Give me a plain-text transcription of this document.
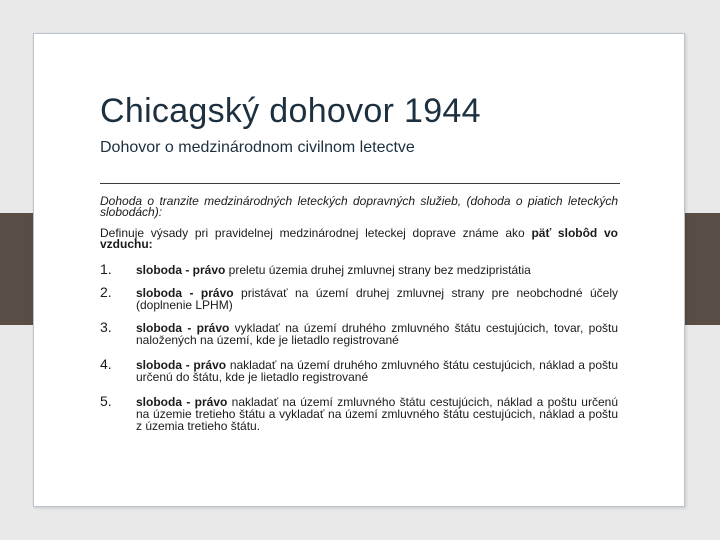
Chicagský dohovor 1944
Dohovor o medzinárodnom civilnom letectve
Dohoda o tranzite medzinárodných leteckých dopravných služieb, (dohoda o piatich leteckých slobodách):
Definuje výsady pri pravidelnej medzinárodnej leteckej doprave známe ako päť slobôd vo vzduchu:
1. sloboda - právo preletu územia druhej zmluvnej strany bez medzipristátia
2. sloboda - právo pristávať na území druhej zmluvnej strany pre neobchodné účely (doplnenie LPHM)
3. sloboda - právo vykladať na území druhého zmluvného štátu cestujúcich, tovar, poštu naložených na území, kde je lietadlo registrované
4. sloboda - právo nakladať na území druhého zmluvného štátu cestujúcich, náklad a poštu určenú do štátu, kde je lietadlo registrované
5. sloboda - právo nakladať na území zmluvného štátu cestujúcich, náklad a poštu určenú na územie tretieho štátu a vykladať na území zmluvného štátu cestujúcich, náklad a poštu z územia tretieho štátu.
